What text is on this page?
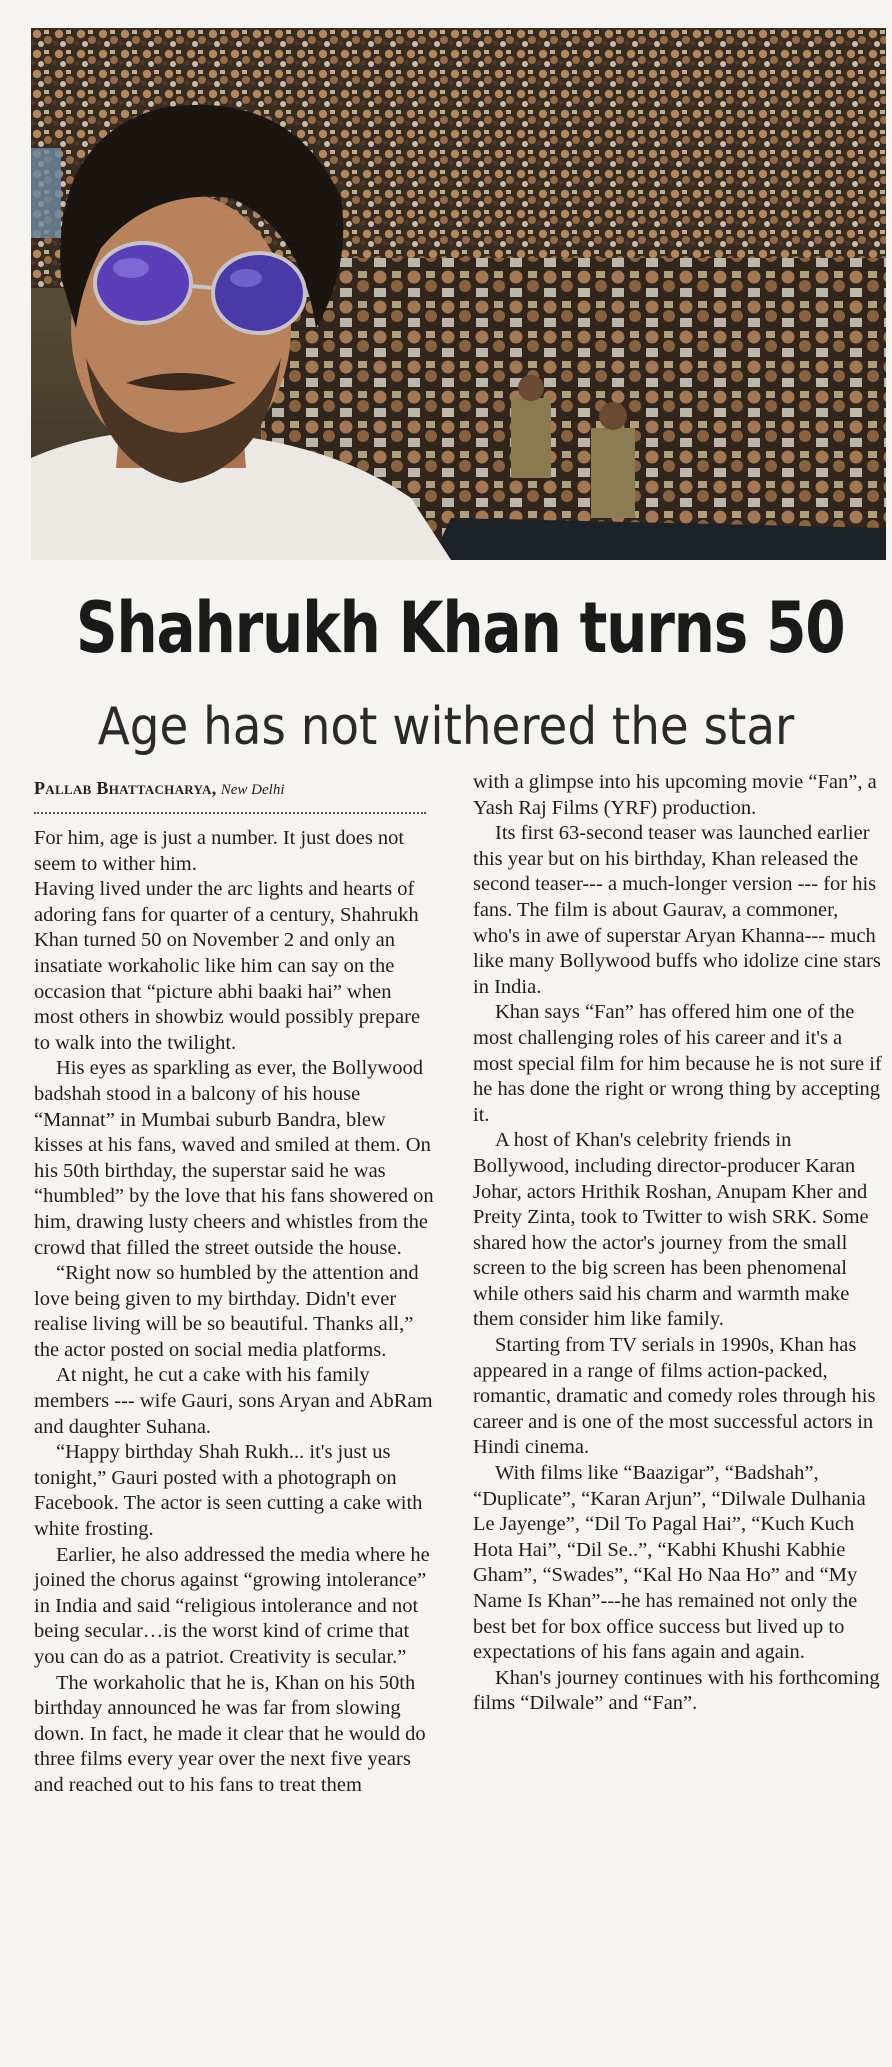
Shahrukh Khan turns 50
Age has not withered the star
Pallab Bhattacharya, New Delhi

For him, age is just a number. It just does not seem to wither him.

Having lived under the arc lights and hearts of adoring fans for quarter of a century, Shahrukh Khan turned 50 on November 2 and only an insatiate workaholic like him can say on the occasion that “picture abhi baaki hai” when most others in showbiz would possibly prepare to walk into the twilight.

His eyes as sparkling as ever, the Bollywood badshah stood in a balcony of his house “Mannat” in Mumbai suburb Bandra, blew kisses at his fans, waved and smiled at them. On his 50th birthday, the superstar said he was “humbled” by the love that his fans showered on him, drawing lusty cheers and whistles from the crowd that filled the street outside the house.

“Right now so humbled by the attention and love being given to my birthday. Didn't ever realise living will be so beautiful. Thanks all,” the actor posted on social media platforms.

At night, he cut a cake with his family members --- wife Gauri, sons Aryan and AbRam and daughter Suhana.

“Happy birthday Shah Rukh... it's just us tonight,” Gauri posted with a photograph on Facebook. The actor is seen cutting a cake with white frosting.

Earlier, he also addressed the media where he joined the chorus against “growing intolerance” in India and said “religious intolerance and not being secular…is the worst kind of crime that you can do as a patriot. Creativity is secular.”

The workaholic that he is, Khan on his 50th birthday announced he was far from slowing down. In fact, he made it clear that he would do three films every year over the next five years and reached out to his fans to treat them

with a glimpse into his upcoming movie “Fan”, a Yash Raj Films (YRF) production.

Its first 63-second teaser was launched earlier this year but on his birthday, Khan released the second teaser--- a much-longer version --- for his fans. The film is about Gaurav, a commoner, who's in awe of superstar Aryan Khanna--- much like many Bollywood buffs who idolize cine stars in India.

Khan says “Fan” has offered him one of the most challenging roles of his career and it's a most special film for him because he is not sure if he has done the right or wrong thing by accepting it.

A host of Khan's celebrity friends in Bollywood, including director-producer Karan Johar, actors Hrithik Roshan, Anupam Kher and Preity Zinta, took to Twitter to wish SRK. Some shared how the actor's journey from the small screen to the big screen has been phenomenal while others said his charm and warmth make them consider him like family.

Starting from TV serials in 1990s, Khan has appeared in a range of films action-packed, romantic, dramatic and comedy roles through his career and is one of the most successful actors in Hindi cinema.

With films like “Baazigar”, “Badshah”, “Duplicate”, “Karan Arjun”, “Dilwale Dulhania Le Jayenge”, “Dil To Pagal Hai”, “Kuch Kuch Hota Hai”, “Dil Se..”, “Kabhi Khushi Kabhie Gham”, “Swades”, “Kal Ho Naa Ho” and “My Name Is Khan”---he has remained not only the best bet for box office success but lived up to expectations of his fans again and again.

Khan's journey continues with his forthcoming films “Dilwale” and “Fan”.
